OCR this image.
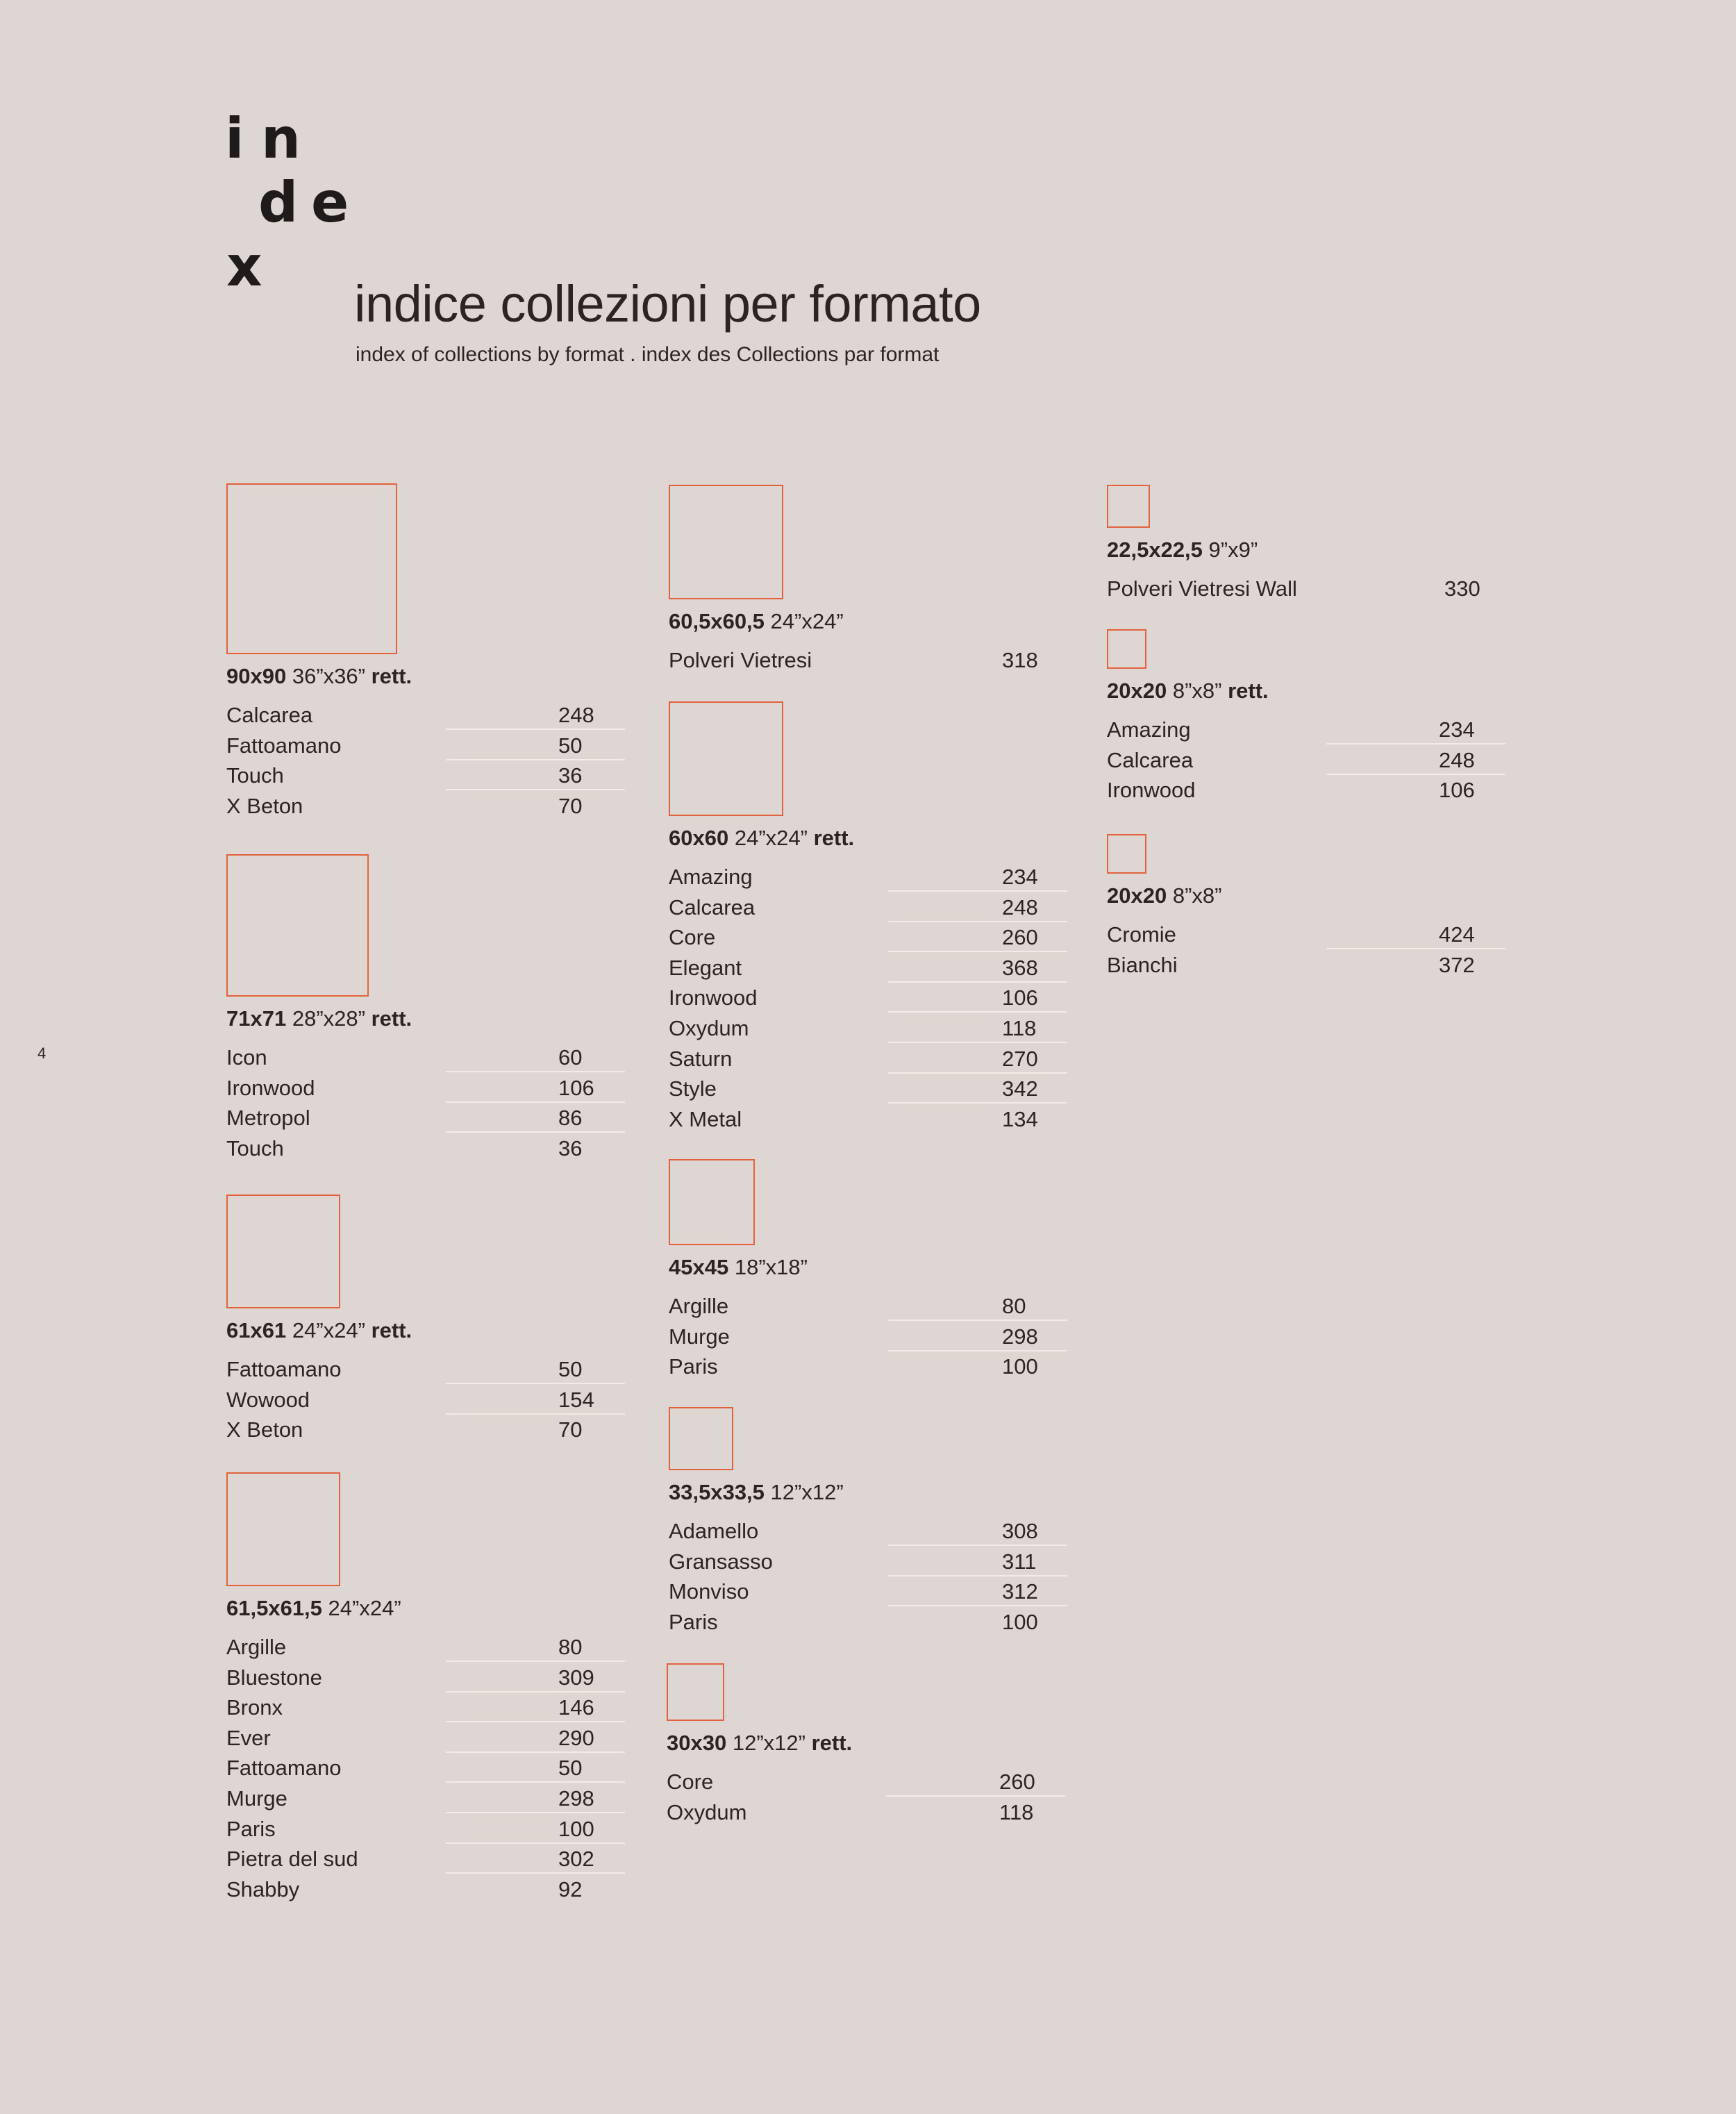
i n
d e
x
indice collezioni per formato
index of collections by format . index des Collections par format
4
90x90 36”x36” rett.
Calcarea	248
Fattoamano	50
Touch	36
X Beton	70
71x71 28”x28” rett.
Icon	60
Ironwood	106
Metropol	86
Touch	36
61x61 24”x24” rett.
Fattoamano	50
Wowood	154
X Beton	70
61,5x61,5 24”x24”
Argille	80
Bluestone	309
Bronx	146
Ever	290
Fattoamano	50
Murge	298
Paris	100
Pietra del sud	302
Shabby	92
60,5x60,5 24”x24”
Polveri Vietresi	318
60x60 24”x24” rett.
Amazing	234
Calcarea	248
Core	260
Elegant	368
Ironwood	106
Oxydum	118
Saturn	270
Style	342
X Metal	134
45x45 18”x18”
Argille	80
Murge	298
Paris	100
33,5x33,5 12”x12”
Adamello	308
Gransasso	311
Monviso	312
Paris	100
30x30 12”x12” rett.
Core	260
Oxydum	118
22,5x22,5 9”x9”
Polveri Vietresi Wall	330
20x20 8”x8” rett.
Amazing	234
Calcarea	248
Ironwood	106
20x20 8”x8”
Cromie	424
Bianchi	372
